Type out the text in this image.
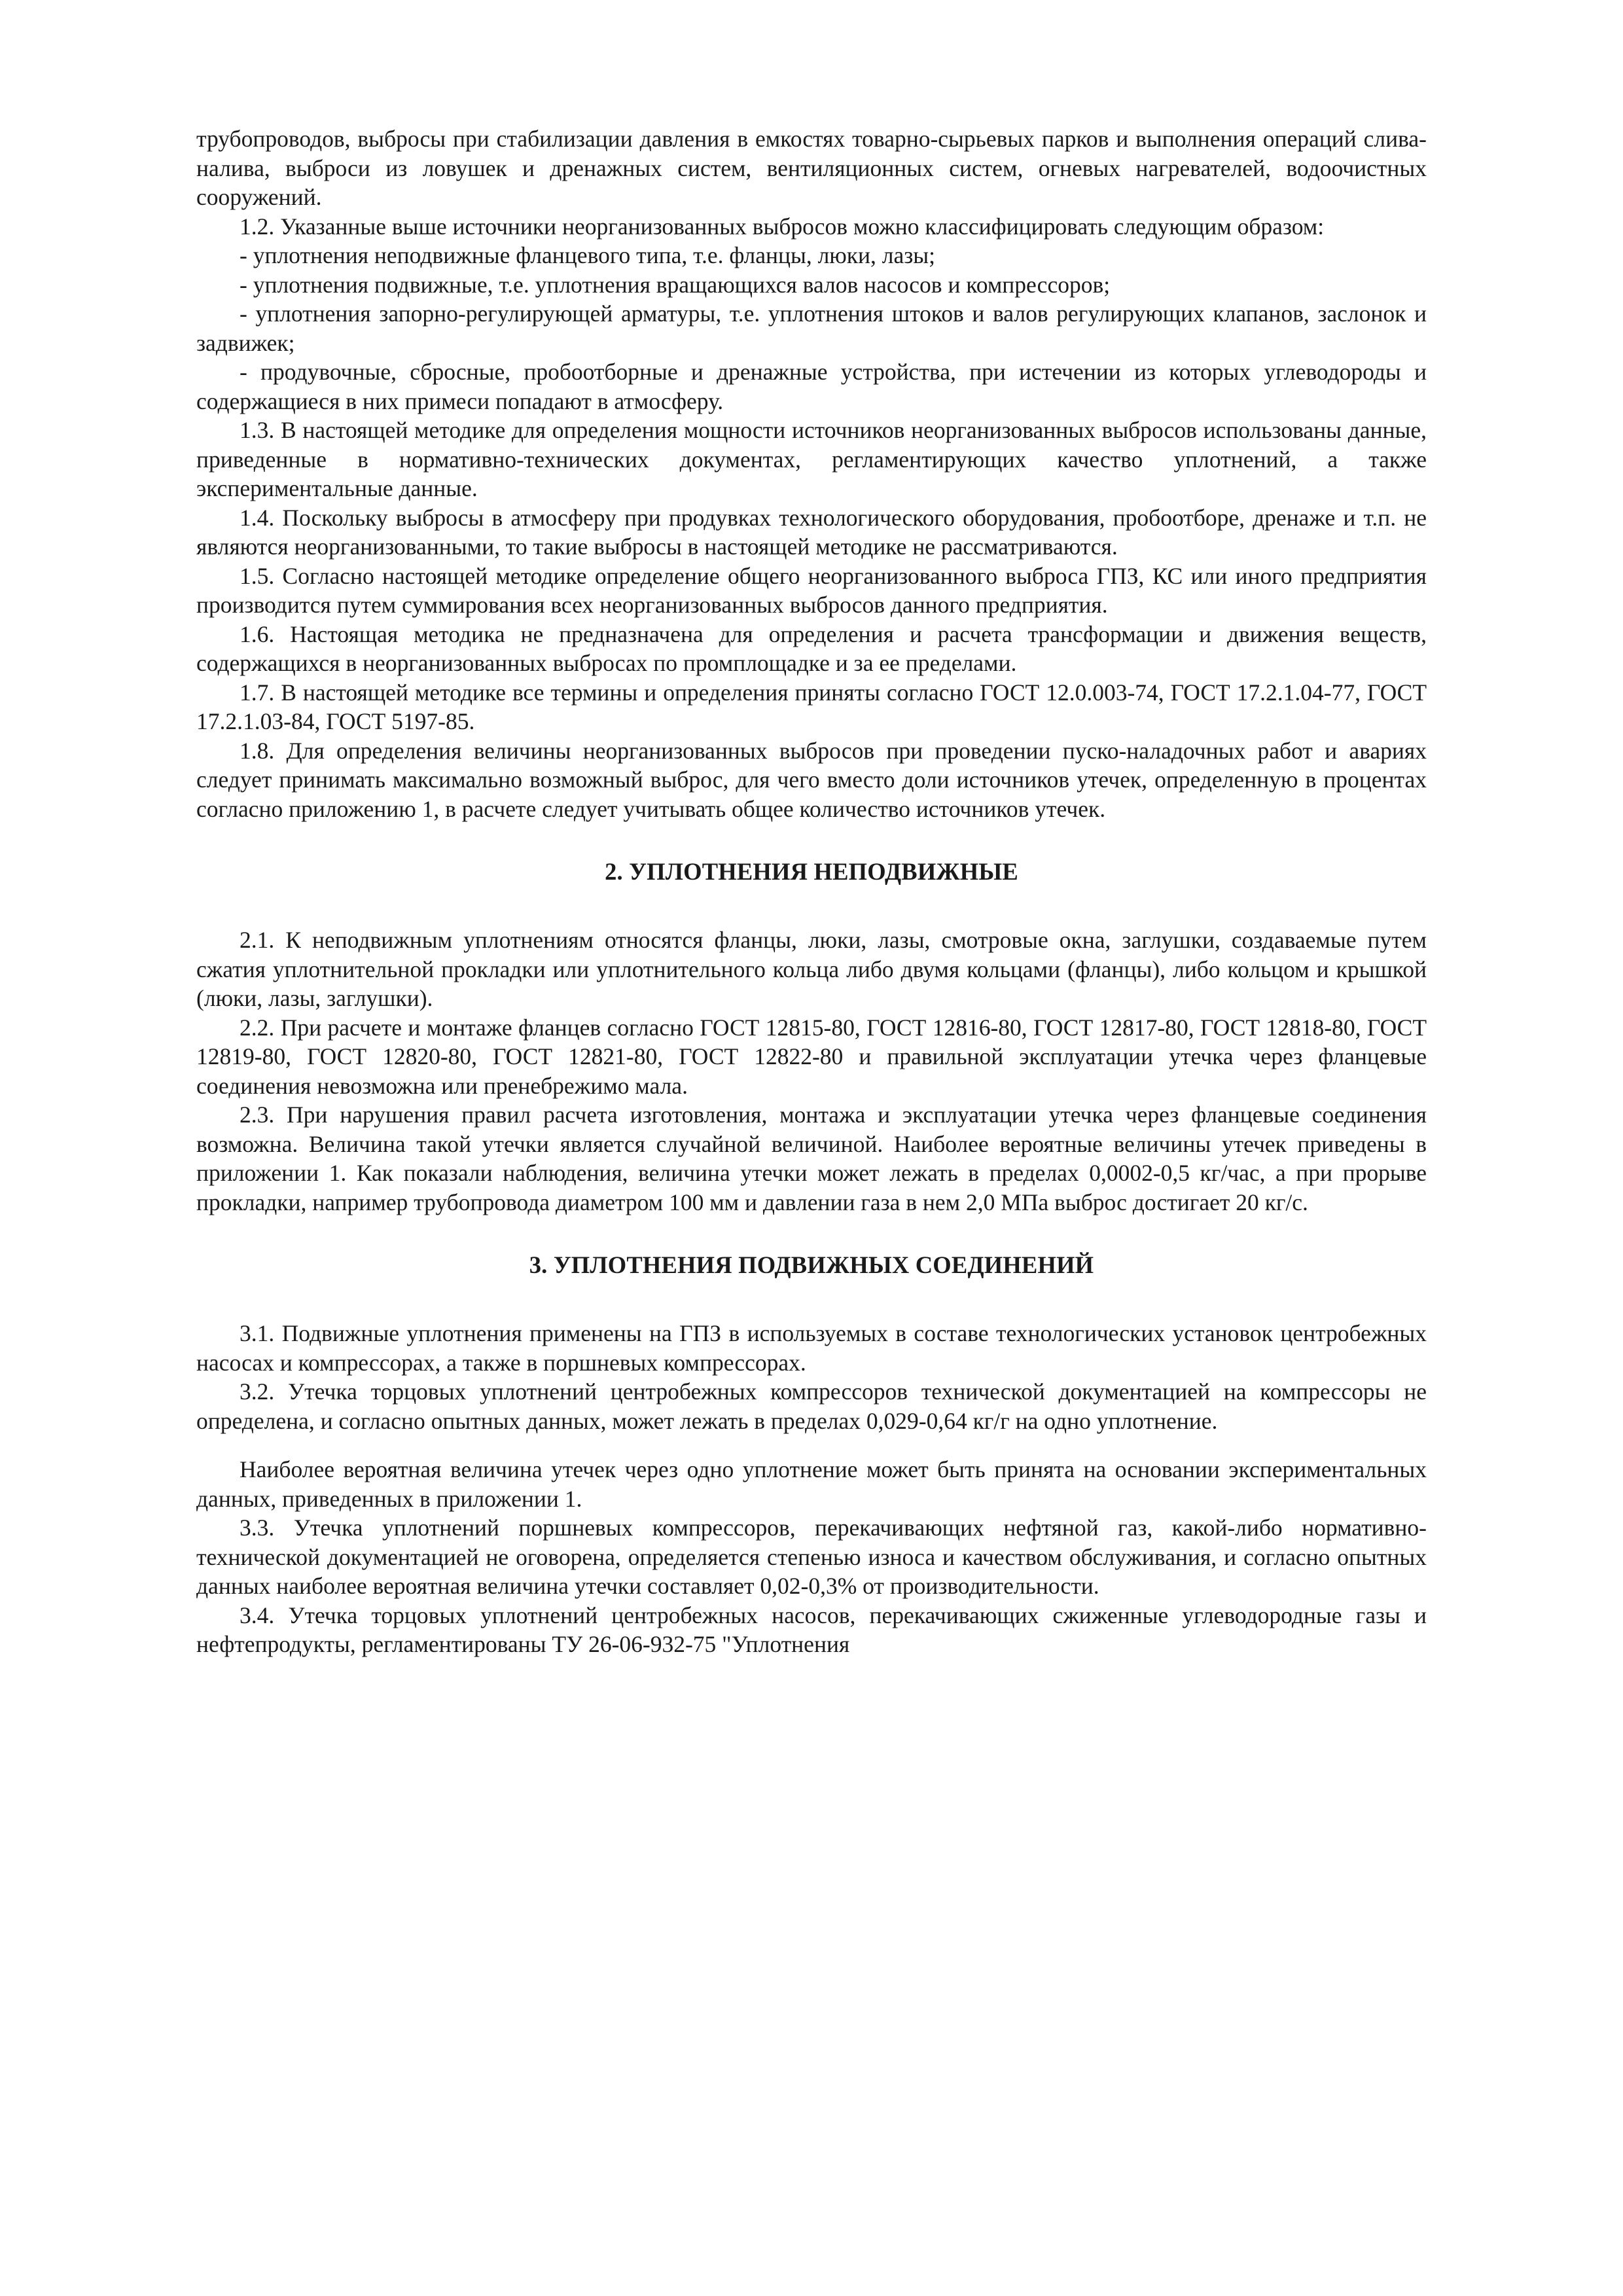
трубопроводов, выбросы при стабилизации давления в емкостях товарно-сырьевых парков и выполнения операций слива-налива, выброси из ловушек и дренажных систем, вентиляционных систем, огневых нагревателей, водоочистных сооружений.

1.2. Указанные выше источники неорганизованных выбросов можно классифицировать следующим образом:

- уплотнения неподвижные фланцевого типа, т.е. фланцы, люки, лазы;

- уплотнения подвижные, т.е. уплотнения вращающихся валов насосов и компрессоров;

- уплотнения запорно-регулирующей арматуры, т.е. уплотнения штоков и валов регулирующих клапанов, заслонок и задвижек;

- продувочные, сбросные, пробоотборные и дренажные устройства, при истечении из которых углеводороды и содержащиеся в них примеси попадают в атмосферу.

1.3. В настоящей методике для определения мощности источников неорганизованных выбросов использованы данные, приведенные в нормативно-технических документах, регламентирующих качество уплотнений, а также экспериментальные данные.

1.4. Поскольку выбросы в атмосферу при продувках технологического оборудования, пробоотборе, дренаже и т.п. не являются неорганизованными, то такие выбросы в настоящей методике не рассматриваются.

1.5. Согласно настоящей методике определение общего неорганизованного выброса ГПЗ, КС или иного предприятия производится путем суммирования всех неорганизованных выбросов данного предприятия.

1.6. Настоящая методика не предназначена для определения и расчета трансформации и движения веществ, содержащихся в неорганизованных выбросах по промплощадке и за ее пределами.

1.7. В настоящей методике все термины и определения приняты согласно ГОСТ 12.0.003-74, ГОСТ 17.2.1.04-77, ГОСТ 17.2.1.03-84, ГОСТ 5197-85.

1.8. Для определения величины неорганизованных выбросов при проведении пуско-наладочных работ и авариях следует принимать максимально возможный выброс, для чего вместо доли источников утечек, определенную в процентах согласно приложению 1, в расчете следует учитывать общее количество источников утечек.

2. УПЛОТНЕНИЯ НЕПОДВИЖНЫЕ

2.1. К неподвижным уплотнениям относятся фланцы, люки, лазы, смотровые окна, заглушки, создаваемые путем сжатия уплотнительной прокладки или уплотнительного кольца либо двумя кольцами (фланцы), либо кольцом и крышкой (люки, лазы, заглушки).

2.2. При расчете и монтаже фланцев согласно ГОСТ 12815-80, ГОСТ 12816-80, ГОСТ 12817-80, ГОСТ 12818-80, ГОСТ 12819-80, ГОСТ 12820-80, ГОСТ 12821-80, ГОСТ 12822-80 и правильной эксплуатации утечка через фланцевые соединения невозможна или пренебрежимо мала.

2.3. При нарушения правил расчета изготовления, монтажа и эксплуатации утечка через фланцевые соединения возможна. Величина такой утечки является случайной величиной. Наиболее вероятные величины утечек приведены в приложении 1. Как показали наблюдения, величина утечки может лежать в пределах 0,0002-0,5 кг/час, а при прорыве прокладки, например трубопровода диаметром 100 мм и давлении газа в нем 2,0 МПа выброс достигает 20 кг/с.

3. УПЛОТНЕНИЯ ПОДВИЖНЫХ СОЕДИНЕНИЙ

3.1. Подвижные уплотнения применены на ГПЗ в используемых в составе технологических установок центробежных насосах и компрессорах, а также в поршневых компрессорах.

3.2. Утечка торцовых уплотнений центробежных компрессоров технической документацией на компрессоры не определена, и согласно опытных данных, может лежать в пределах 0,029-0,64 кг/г на одно уплотнение.

Наиболее вероятная величина утечек через одно уплотнение может быть принята на основании экспериментальных данных, приведенных в приложении 1.

3.3. Утечка уплотнений поршневых компрессоров, перекачивающих нефтяной газ, какой-либо нормативно-технической документацией не оговорена, определяется степенью износа и качеством обслуживания, и согласно опытных данных наиболее вероятная величина утечки составляет 0,02-0,3% от производительности.

3.4. Утечка торцовых уплотнений центробежных насосов, перекачивающих сжиженные углеводородные газы и нефтепродукты, регламентированы ТУ 26-06-932-75 "Уплотнения
